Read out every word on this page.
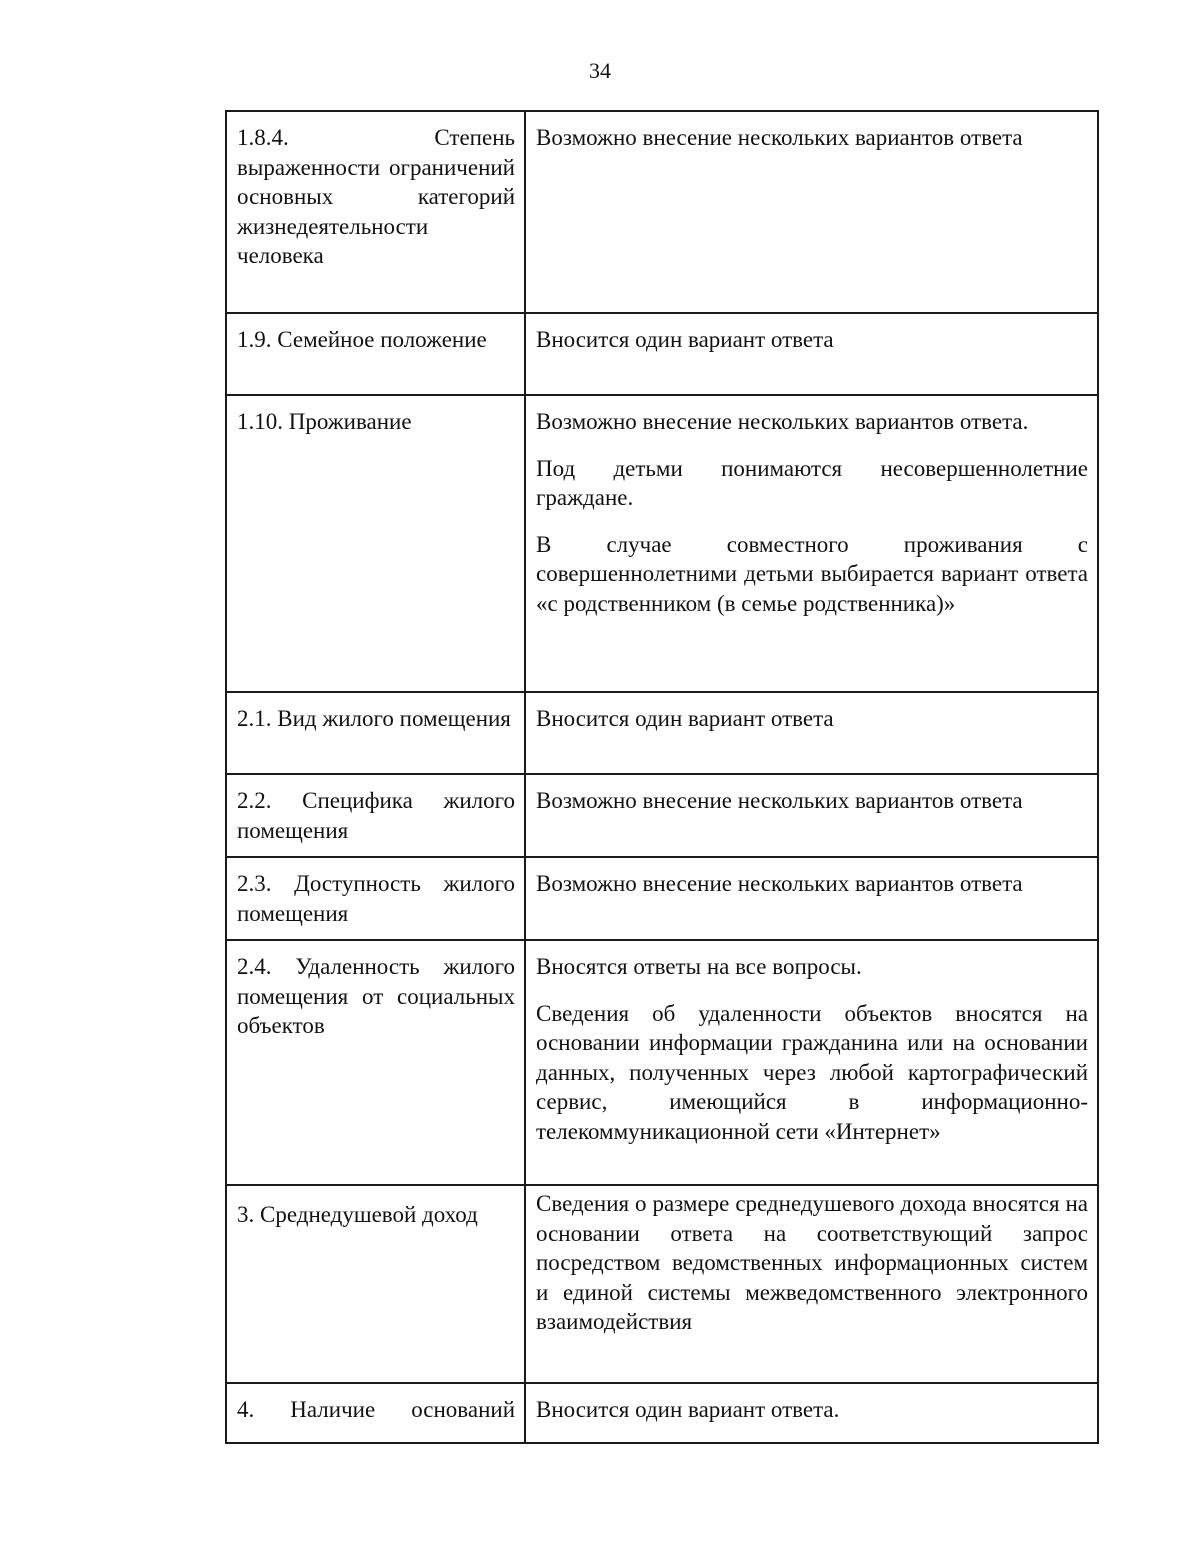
34

1.8.4. Степень выраженности ограничений основных категорий жизнедеятельности человека	Возможно внесение нескольких вариантов ответа

1.9. Семейное положение	Вносится один вариант ответа

1.10. Проживание	Возможно внесение нескольких вариантов ответа.

Под детьми понимаются несовершеннолетние граждане.

В случае совместного проживания с совершеннолетними детьми выбирается вариант ответа «с родственником (в семье родственника)»

2.1. Вид жилого помещения	Вносится один вариант ответа

2.2. Специфика жилого помещения	Возможно внесение нескольких вариантов ответа

2.3. Доступность жилого помещения	Возможно внесение нескольких вариантов ответа

2.4. Удаленность жилого помещения от социальных объектов	Вносятся ответы на все вопросы.

Сведения об удаленности объектов вносятся на основании информации гражданина или на основании данных, полученных через любой картографический сервис, имеющийся в информационно-телекоммуникационной сети «Интернет»

3. Среднедушевой доход	Сведения о размере среднедушевого дохода вносятся на основании ответа на соответствующий запрос посредством ведомственных информационных систем и единой системы межведомственного электронного взаимодействия

4. Наличие оснований	Вносится один вариант ответа.
